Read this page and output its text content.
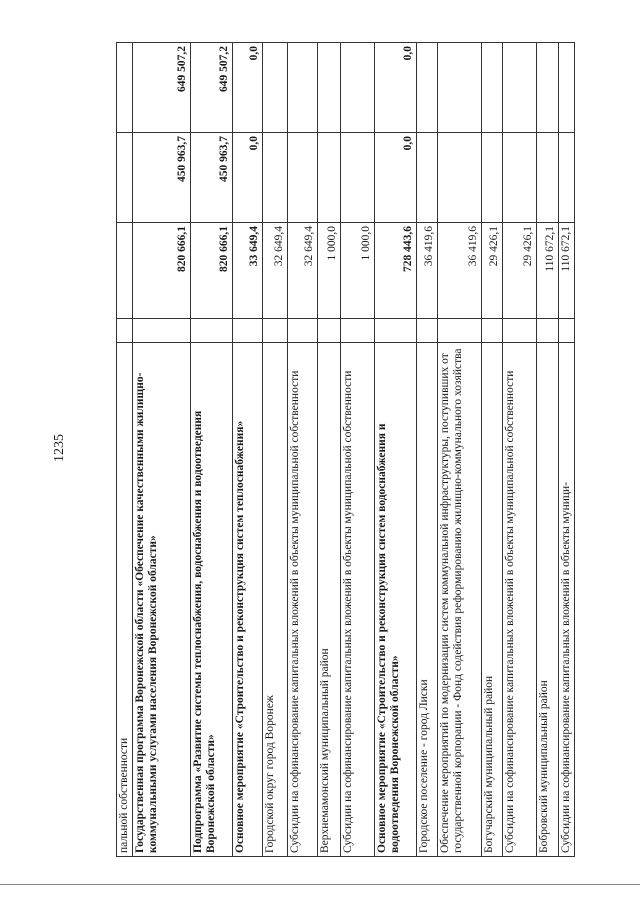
1235
пальной собственности				
Государственная программа Воронежской области «Обеспечение качественными жилищно-коммунальными услугами населения Воронежской области»		820 666,1	450 963,7	649 507,2
Подпрограмма «Развитие системы теплоснабжения, водоснабжения и водоотведения Воронежской области»		820 666,1	450 963,7	649 507,2
Основное мероприятие «Строительство и реконструкция систем теплоснабжения»		33 649,4	0,0	0,0
Городской округ город Воронеж		32 649,4		
Субсидии на софинансирование капитальных вложений в объекты муниципальной собственности		32 649,4		
Верхнемамонский муниципальный район		1 000,0		
Субсидии на софинансирование капитальных вложений в объекты муниципальной собственности		1 000,0		
Основное мероприятие «Строительство и реконструкция систем водоснабжения и водоотведения Воронежской области»		728 443,6	0,0	0,0
Городское поселение - город Лиски		36 419,6		
Обеспечение мероприятий по модернизации систем коммунальной инфраструктуры, поступивших от государственной корпорации - Фонд содействия реформированию жилищно-коммунального хозяйства		36 419,6		
Богучарский муниципальный район		29 426,1		
Субсидии на софинансирование капитальных вложений в объекты муниципальной собственности		29 426,1		
Бобровский муниципальный район		110 672,1		
Субсидии на софинансирование капитальных вложений в объекты муници-		110 672,1		
